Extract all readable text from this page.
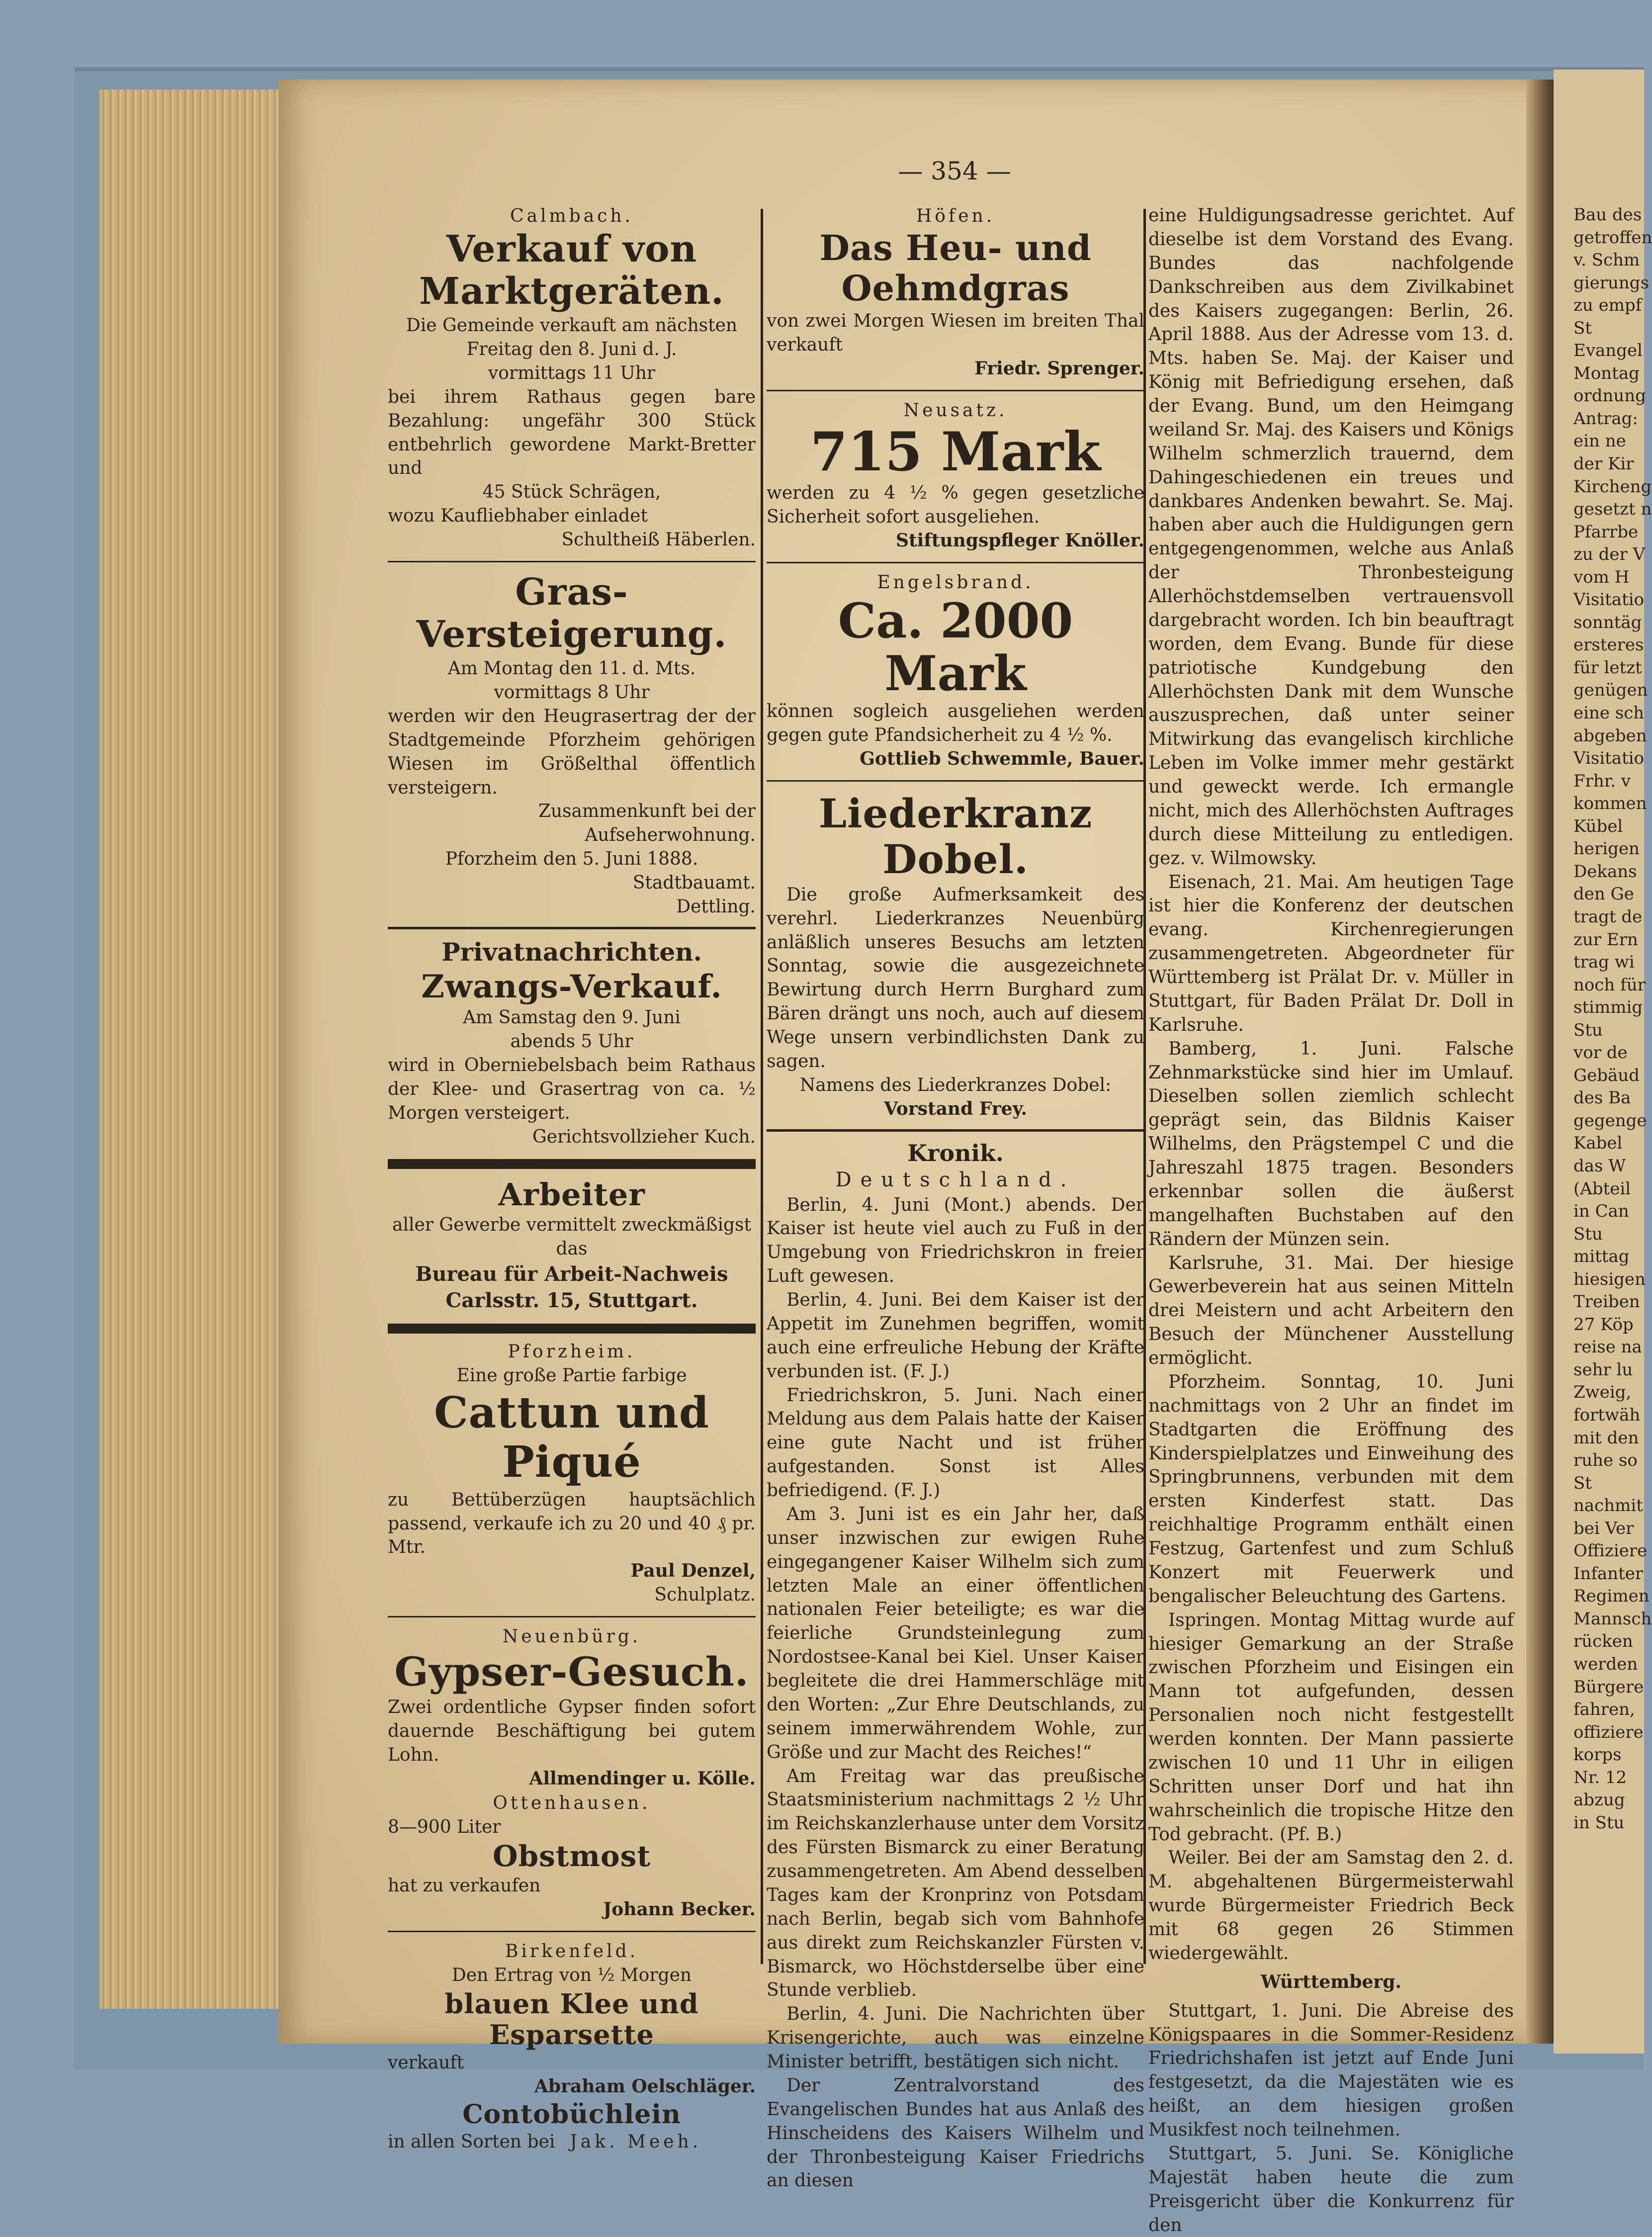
Bau des

getroffen

v. Schm

gierungs

zu empf

St

Evangel

Montag

ordnung

Antrag:

ein ne

der Kir

Kircheng

gesetzt n

Pfarrbe

zu der V

vom H

Visitatio

sonntäg

ersteres

für letzt

genügen

eine sch

abgeben

Visitatio

Frhr. v

kommen

Kübel

herigen

Dekans

den Ge

tragt de

zur Ern

trag wi

noch für

stimmig

Stu

vor de

Gebäud

des Ba

gegenge

Kabel

das W

(Abteil

in Can

Stu

mittag

hiesigen

Treiben

27 Köp

reise na

sehr lu

Zweig,

fortwäh

mit den

ruhe so

St

nachmit

bei Ver

Offiziere

Infanter

Regimen

Mannsch

rücken

werden

Bürgere

fahren,

offiziere

korps

Nr. 12

abzug

in Stu

— 354 —
Calmbach.
Verkauf von Marktgeräten.

Die Gemeinde verkauft am nächsten

Freitag den 8. Juni d. J.

vormittags 11 Uhr

bei ihrem Rathaus gegen bare Bezahlung: ungefähr 300 Stück entbehrlich gewordene Markt-Bretter und

45 Stück Schrägen,

wozu Kaufliebhaber einladet

Schultheiß Häberlen.

Gras-Versteigerung.

Am Montag den 11. d. Mts.

vormittags 8 Uhr

werden wir den Heugrasertrag der der Stadtgemeinde Pforzheim gehörigen Wiesen im Größelthal öffentlich versteigern.

Zusammenkunft bei der Aufseherwohnung.

Pforzheim den 5. Juni 1888.

Stadtbauamt.

Dettling.

Privatnachrichten.
Zwangs-Verkauf.

Am Samstag den 9. Juni

abends 5 Uhr

wird in Oberniebelsbach beim Rathaus der Klee- und Grasertrag von ca. ½ Morgen versteigert.

Gerichtsvollzieher Kuch.

Arbeiter

aller Gewerbe vermittelt zweckmäßigst das

Bureau für Arbeit-Nachweis

Carlsstr. 15, Stuttgart.

Pforzheim.

Eine große Partie farbige

Cattun und Piqué

zu Bettüberzügen hauptsächlich passend, verkaufe ich zu 20 und 40 ₰ pr. Mtr.

Paul Denzel,

Schulplatz.

Neuenbürg.
Gypser-Gesuch.

Zwei ordentliche Gypser finden sofort dauernde Beschäftigung bei gutem Lohn.

Allmendinger u. Kölle.

Ottenhausen.

8—900 Liter

Obstmost

hat zu verkaufen

Johann Becker.

Birkenfeld.

Den Ertrag von ½ Morgen

blauen Klee und Esparsette

verkauft

Abraham Oelschläger.

Contobüchlein

in allen Sorten bei Jak. Meeh.

Höfen.
Das Heu- und Oehmdgras

von zwei Morgen Wiesen im breiten Thal verkauft

Friedr. Sprenger.

Neusatz.
715 Mark

werden zu 4 ½ % gegen gesetzliche Sicherheit sofort ausgeliehen.

Stiftungspfleger Knöller.

Engelsbrand.
Ca. 2000 Mark

können sogleich ausgeliehen werden gegen gute Pfandsicherheit zu 4 ½ %.

Gottlieb Schwemmle, Bauer.

Liederkranz Dobel.

Die große Aufmerksamkeit des verehrl. Liederkranzes Neuenbürg anläßlich unseres Besuchs am letzten Sonntag, sowie die ausgezeichnete Bewirtung durch Herrn Burghard zum Bären drängt uns noch, auch auf diesem Wege unsern verbindlichsten Dank zu sagen.

Namens des Liederkranzes Dobel:

Vorstand Frey.

Kronik.
Deutschland.

Berlin, 4. Juni (Mont.) abends. Der Kaiser ist heute viel auch zu Fuß in der Umgebung von Friedrichskron in freier Luft gewesen.

Berlin, 4. Juni. Bei dem Kaiser ist der Appetit im Zunehmen begriffen, womit auch eine erfreuliche Hebung der Kräfte verbunden ist. (F. J.)

Friedrichskron, 5. Juni. Nach einer Meldung aus dem Palais hatte der Kaiser eine gute Nacht und ist früher aufgestanden. Sonst ist Alles befriedigend. (F. J.)

Am 3. Juni ist es ein Jahr her, daß unser inzwischen zur ewigen Ruhe eingegangener Kaiser Wilhelm sich zum letzten Male an einer öffentlichen nationalen Feier beteiligte; es war die feierliche Grundsteinlegung zum Nordostsee-Kanal bei Kiel. Unser Kaiser begleitete die drei Hammerschläge mit den Worten: „Zur Ehre Deutschlands, zu seinem immerwährendem Wohle, zur Größe und zur Macht des Reiches!“

Am Freitag war das preußische Staatsministerium nachmittags 2 ½ Uhr im Reichskanzlerhause unter dem Vorsitz des Fürsten Bismarck zu einer Beratung zusammengetreten. Am Abend desselben Tages kam der Kronprinz von Potsdam nach Berlin, begab sich vom Bahnhofe aus direkt zum Reichskanzler Fürsten v. Bismarck, wo Höchstderselbe über eine Stunde verblieb.

Berlin, 4. Juni. Die Nachrichten über Krisengerichte, auch was einzelne Minister betrifft, bestätigen sich nicht.

Der Zentralvorstand des Evangelischen Bundes hat aus Anlaß des Hinscheidens des Kaisers Wilhelm und der Thronbesteigung Kaiser Friedrichs an diesen

eine Huldigungsadresse gerichtet. Auf dieselbe ist dem Vorstand des Evang. Bundes das nachfolgende Dankschreiben aus dem Zivilkabinet des Kaisers zugegangen: Berlin, 26. April 1888. Aus der Adresse vom 13. d. Mts. haben Se. Maj. der Kaiser und König mit Befriedigung ersehen, daß der Evang. Bund, um den Heimgang weiland Sr. Maj. des Kaisers und Königs Wilhelm schmerzlich trauernd, dem Dahingeschiedenen ein treues und dankbares Andenken bewahrt. Se. Maj. haben aber auch die Huldigungen gern entgegengenommen, welche aus Anlaß der Thronbesteigung Allerhöchstdemselben vertrauensvoll dargebracht worden. Ich bin beauftragt worden, dem Evang. Bunde für diese patriotische Kundgebung den Allerhöchsten Dank mit dem Wunsche auszusprechen, daß unter seiner Mitwirkung das evangelisch kirchliche Leben im Volke immer mehr gestärkt und geweckt werde. Ich ermangle nicht, mich des Allerhöchsten Auftrages durch diese Mitteilung zu entledigen. gez. v. Wilmowsky.

Eisenach, 21. Mai. Am heutigen Tage ist hier die Konferenz der deutschen evang. Kirchenregierungen zusammengetreten. Abgeordneter für Württemberg ist Prälat Dr. v. Müller in Stuttgart, für Baden Prälat Dr. Doll in Karlsruhe.

Bamberg, 1. Juni. Falsche Zehnmarkstücke sind hier im Umlauf. Dieselben sollen ziemlich schlecht geprägt sein, das Bildnis Kaiser Wilhelms, den Prägstempel C und die Jahreszahl 1875 tragen. Besonders erkennbar sollen die äußerst mangelhaften Buchstaben auf den Rändern der Münzen sein.

Karlsruhe, 31. Mai. Der hiesige Gewerbeverein hat aus seinen Mitteln drei Meistern und acht Arbeitern den Besuch der Münchener Ausstellung ermöglicht.

Pforzheim. Sonntag, 10. Juni nachmittags von 2 Uhr an findet im Stadtgarten die Eröffnung des Kinderspielplatzes und Einweihung des Springbrunnens, verbunden mit dem ersten Kinderfest statt. Das reichhaltige Programm enthält einen Festzug, Gartenfest und zum Schluß Konzert mit Feuerwerk und bengalischer Beleuchtung des Gartens.

Ispringen. Montag Mittag wurde auf hiesiger Gemarkung an der Straße zwischen Pforzheim und Eisingen ein Mann tot aufgefunden, dessen Personalien noch nicht festgestellt werden konnten. Der Mann passierte zwischen 10 und 11 Uhr in eiligen Schritten unser Dorf und hat ihn wahrscheinlich die tropische Hitze den Tod gebracht. (Pf. B.)

Weiler. Bei der am Samstag den 2. d. M. abgehaltenen Bürgermeisterwahl wurde Bürgermeister Friedrich Beck mit 68 gegen 26 Stimmen wiedergewählt.

Württemberg.

Stuttgart, 1. Juni. Die Abreise des Königspaares in die Sommer-Residenz Friedrichshafen ist jetzt auf Ende Juni festgesetzt, da die Majestäten wie es heißt, an dem hiesigen großen Musikfest noch teilnehmen.

Stuttgart, 5. Juni. Se. Königliche Majestät haben heute die zum Preisgericht über die Konkurrenz für den
